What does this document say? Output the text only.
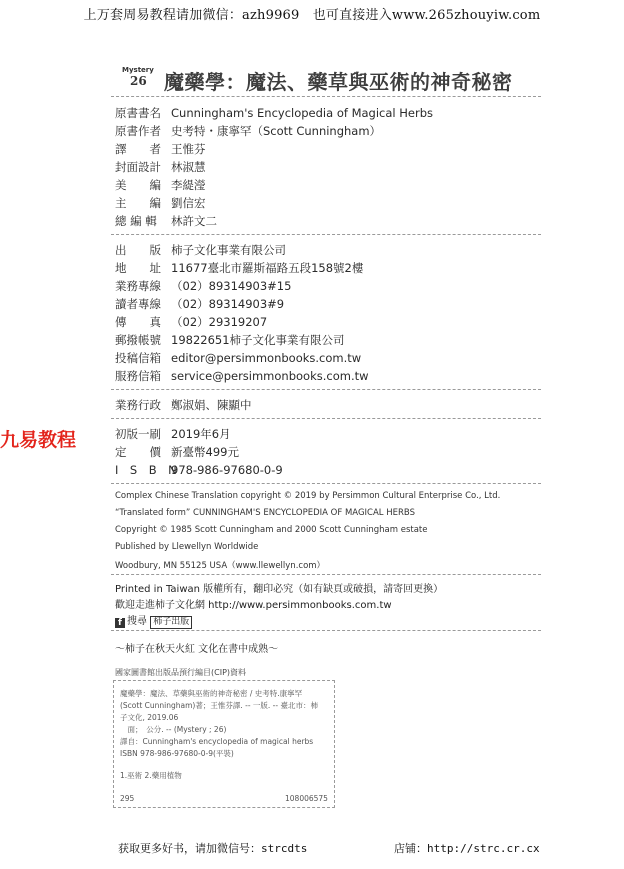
上万套周易教程请加微信：azh9969　也可直接进入www.265zhouyiw.com
Mystery
26 魔藥學：魔法、藥草與巫術的神奇秘密
原書書名 Cunningham's Encyclopedia of Magical Herbs
原書作者 史考特・康寧罕（Scott Cunningham）
譯　　者 王惟芬
封面設計 林淑慧
美　　編 李緹瀅
主　　編 劉信宏
總 編 輯 林許文二
出　　版 柿子文化事業有限公司
地　　址 11677臺北市羅斯福路五段158號2樓
業務專線 （02）89314903#15
讀者專線 （02）89314903#9
傳　　真 （02）29319207
郵撥帳號 19822651柿子文化事業有限公司
投稿信箱 editor@persimmonbooks.com.tw
服務信箱 service@persimmonbooks.com.tw
業務行政 鄭淑娟、陳顯中
九易教程	初版一刷 2019年6月
定　　價 新臺幣499元
I　S　B　N978-986-97680-0-9
Complex Chinese Translation copyright © 2019 by Persimmon Cultural Enterprise Co., Ltd.
“Translated form” CUNNINGHAM'S ENCYCLOPEDIA OF MAGICAL HERBS
Copyright © 1985 Scott Cunningham and 2000 Scott Cunningham estate
Published by Llewellyn Worldwide
Woodbury, MN 55125 USA（www.llewellyn.com）
Printed in Taiwan 版權所有，翻印必究（如有缺頁或破損，請寄回更換）
歡迎走進柿子文化網 http://www.persimmonbooks.com.tw
f 搜尋 柿子出版
～柿子在秋天火紅 文化在書中成熟～
國家圖書館出版品預行編目(CIP)資料
魔藥學：魔法、草藥與巫術的神奇秘密 / 史考特.康寧罕
(Scott Cunningham)著；王惟芬譯. -- 一版. -- 臺北市：柿
子文化, 2019.06
　面；　公分. -- (Mystery ; 26)
譯自：Cunningham's encyclopedia of magical herbs
ISBN 978-986-97680-0-9(平裝)
1.巫術 2.藥用植物
295	108006575
获取更多好书，请加微信号：strcdts	店铺：http://strc.cr.cx
